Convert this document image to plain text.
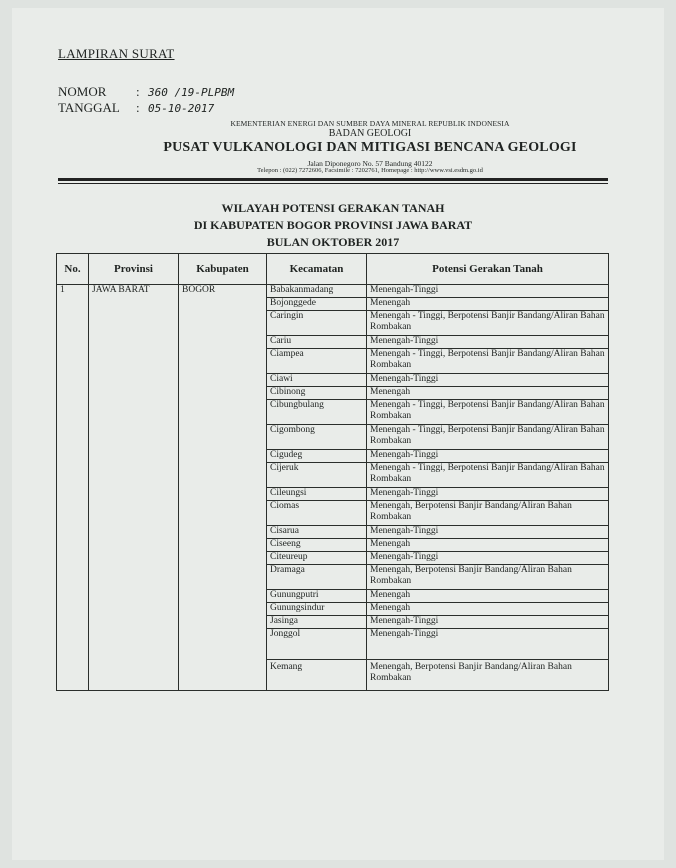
LAMPIRAN SURAT
NOMOR : 360 /19-PLPBM
TANGGAL : 05-10-2017
KEMENTERIAN ENERGI DAN SUMBER DAYA MINERAL REPUBLIK INDONESIA
BADAN GEOLOGI
PUSAT VULKANOLOGI DAN MITIGASI BENCANA GEOLOGI
Jalan Diponegoro No. 57 Bandung 40122
Telepon : (022) 7272606, Facsimile : 7202761, Homepage : http://www.vsi.esdm.go.id
WILAYAH POTENSI GERAKAN TANAH
DI KABUPATEN BOGOR PROVINSI JAWA BARAT
BULAN OKTOBER 2017
No.	Provinsi	Kabupaten	Kecamatan	Potensi Gerakan Tanah
1	JAWA BARAT	BOGOR	Babakanmadang	Menengah-Tinggi
			Bojonggede	Menengah
			Caringin	Menengah - Tinggi, Berpotensi Banjir Bandang/Aliran Bahan Rombakan
			Cariu	Menengah-Tinggi
			Ciampea	Menengah - Tinggi, Berpotensi Banjir Bandang/Aliran Bahan Rombakan
			Ciawi	Menengah-Tinggi
			Cibinong	Menengah
			Cibungbulang	Menengah - Tinggi, Berpotensi Banjir Bandang/Aliran Bahan Rombakan
			Cigombong	Menengah - Tinggi, Berpotensi Banjir Bandang/Aliran Bahan Rombakan
			Cigudeg	Menengah-Tinggi
			Cijeruk	Menengah - Tinggi, Berpotensi Banjir Bandang/Aliran Bahan Rombakan
			Cileungsi	Menengah-Tinggi
			Ciomas	Menengah, Berpotensi Banjir Bandang/Aliran Bahan Rombakan
			Cisarua	Menengah-Tinggi
			Ciseeng	Menengah
			Citeureup	Menengah-Tinggi
			Dramaga	Menengah, Berpotensi Banjir Bandang/Aliran Bahan Rombakan
			Gunungputri	Menengah
			Gunungsindur	Menengah
			Jasinga	Menengah-Tinggi
			Jonggol	Menengah-Tinggi
			Kemang	Menengah, Berpotensi Banjir Bandang/Aliran Bahan Rombakan
